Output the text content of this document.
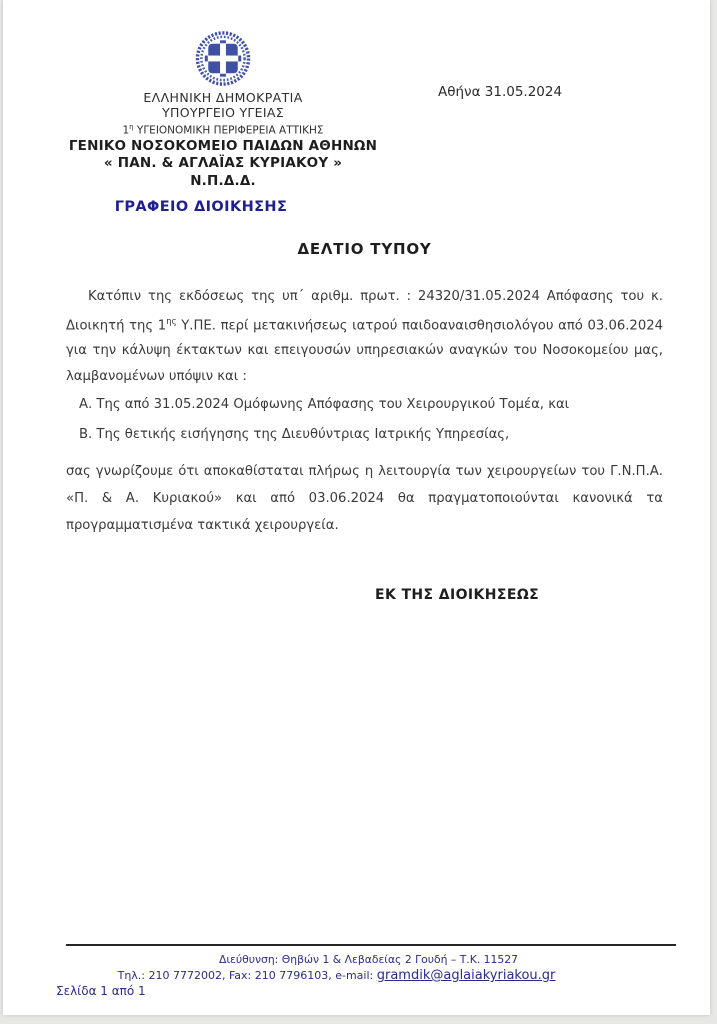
ΕΛΛΗΝΙΚΗ ΔΗΜΟΚΡΑΤΙΑ
ΥΠΟΥΡΓΕΙΟ ΥΓΕΙΑΣ
$1^\eta$ ΥΓΕΙΟΝΟΜΙΚΗ ΠΕΡΙΦΕΡΕΙΑ ΑΤΤΙΚΗΣ
ΓΕΝΙΚΟ ΝΟΣΟΚΟΜΕΙΟ ΠΑΙΔΩΝ ΑΘΗΝΩΝ
« ΠΑΝ. & ΑΓΛΑΪΑΣ ΚΥΡΙΑΚΟΥ »
Ν.Π.Δ.Δ.
ΓΡΑΦΕΙΟ ΔΙΟΙΚΗΣΗΣ
Αθήνα 31.05.2024
ΔΕΛΤΙΟ ΤΥΠΟΥ
Κατόπιν της εκδόσεως της υπ΄ αριθμ. πρωτ. : 24320/31.05.2024 Απόφασης του κ. Διοικητή της $1^{\eta\varsigma}$ Υ.ΠΕ. περί μετακινήσεως ιατρού παιδοαναισθησιολόγου από 03.06.2024 για την κάλυψη έκτακτων και επειγουσών υπηρεσιακών αναγκών του Νοσοκομείου μας, λαμβανομένων υπόψιν και :
Α. Της από 31.05.2024 Ομόφωνης Απόφασης του Χειρουργικού Τομέα, και
Β. Της θετικής εισήγησης της Διευθύντριας Ιατρικής Υπηρεσίας,
σας γνωρίζουμε ότι αποκαθίσταται πλήρως η λειτουργία των χειρουργείων του Γ.Ν.Π.Α. «Π. & Α. Κυριακού» και από 03.06.2024 θα πραγματοποιούνται κανονικά τα προγραμματισμένα τακτικά χειρουργεία.
ΕΚ ΤΗΣ ΔΙΟΙΚΗΣΕΩΣ
Διεύθυνση: Θηβών 1 & Λεβαδείας 2 Γουδή – Τ.Κ. 11527
Τηλ.: 210 7772002, Fax: 210 7796103, e-mail: gramdik@aglaiakyriakou.gr
Σελίδα 1 από 1
